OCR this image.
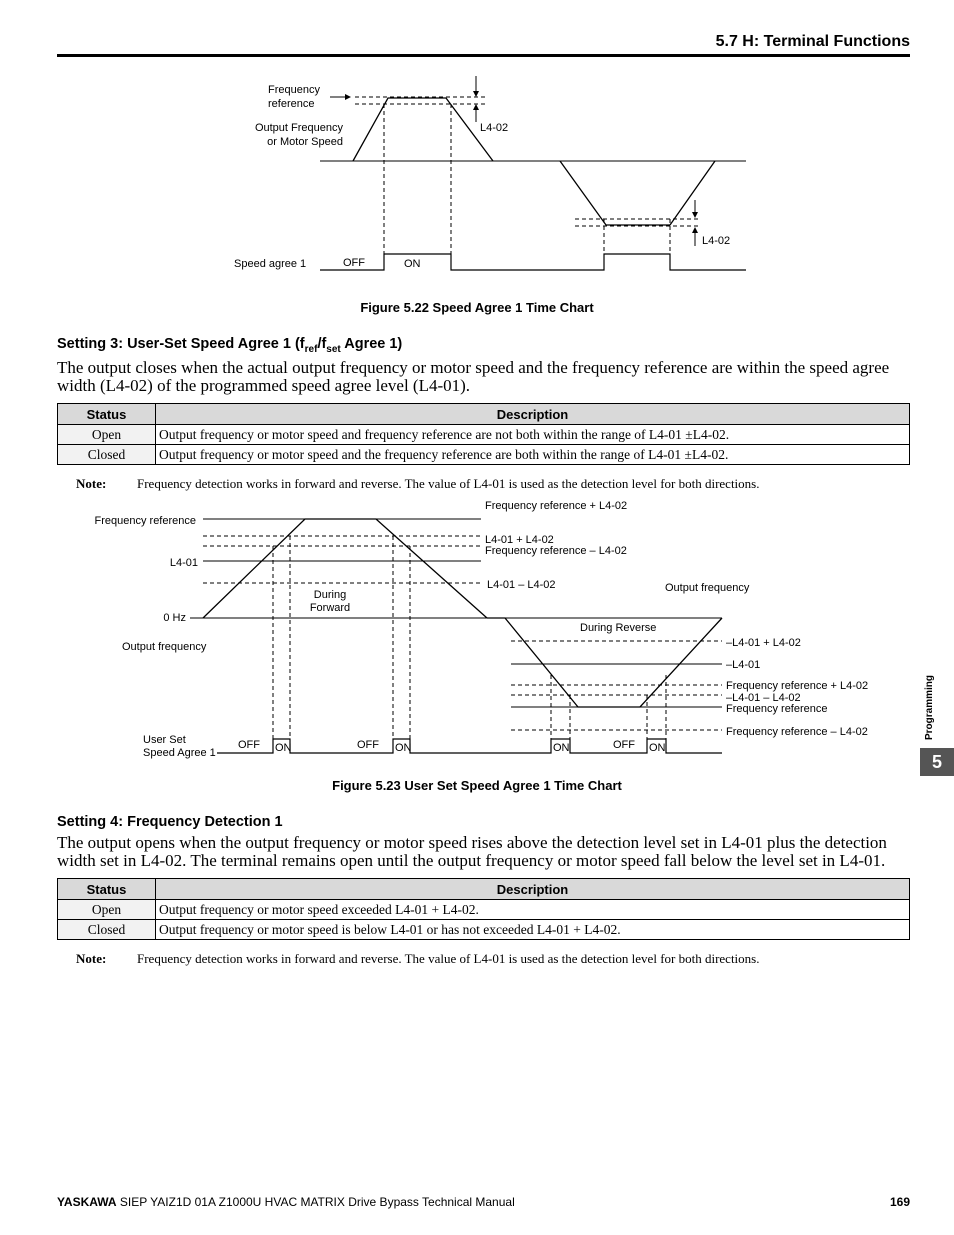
5.7 H: Terminal Functions
Frequency
reference
Output Frequency
or Motor Speed
L4-02
L4-02
Speed agree 1	OFF	ON
Figure 5.22 Speed Agree 1 Time Chart
Setting 3: User-Set Speed Agree 1 ($f_{ref}/f_{set}$ Agree 1)
The output closes when the actual output frequency or motor speed and the frequency reference are within the speed agree width (L4-02) of the programmed speed agree level (L4-01).
Status	Description
Open	Output frequency or motor speed and frequency reference are not both within the range of L4-01 ±L4-02.
Closed	Output frequency or motor speed and the frequency reference are both within the range of L4-01 ±L4-02.
Note: Frequency detection works in forward and reverse. The value of L4-01 is used as the detection level for both directions.
Frequency reference
L4-01
0 Hz
Output frequency
User Set
Speed Agree 1
Frequency reference + L4-02
L4-01 + L4-02
Frequency reference – L4-02
L4-01 – L4-02	Output frequency
During
Forward
During Reverse
–L4-01 + L4-02
–L4-01
Frequency reference + L4-02
–L4-01 – L4-02
Frequency reference
Frequency reference – L4-02
OFF ON	OFF ON	ON	OFF ON
Figure 5.23 User Set Speed Agree 1 Time Chart
Setting 4: Frequency Detection 1
The output opens when the output frequency or motor speed rises above the detection level set in L4-01 plus the detection width set in L4-02. The terminal remains open until the output frequency or motor speed fall below the level set in L4-01.
Status	Description
Open	Output frequency or motor speed exceeded L4-01 + L4-02.
Closed	Output frequency or motor speed is below L4-01 or has not exceeded L4-01 + L4-02.
Note: Frequency detection works in forward and reverse. The value of L4-01 is used as the detection level for both directions.
Programming
5
YASKAWA SIEP YAIZ1D 01A Z1000U HVAC MATRIX Drive Bypass Technical Manual	169
